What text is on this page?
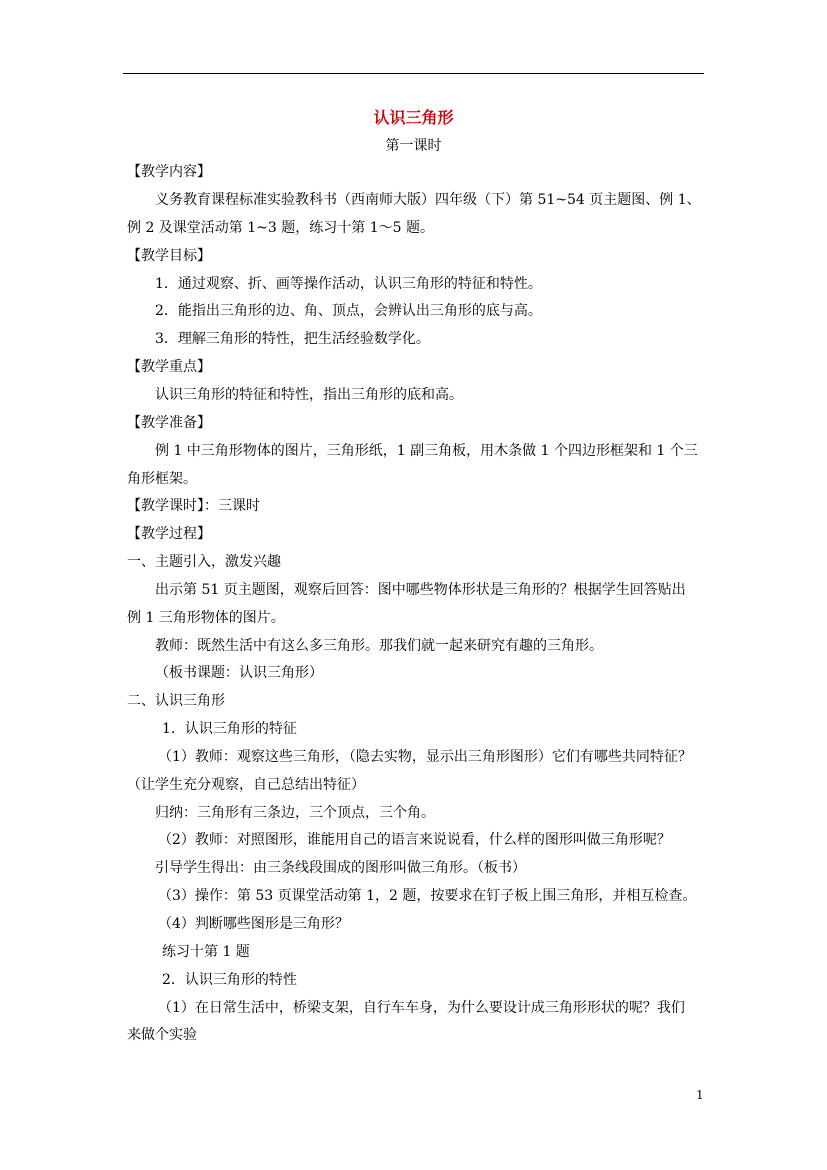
认识三角形
第一课时
【教学内容】
义务教育课程标准实验教科书（西南师大版）四年级（下）第 51~54 页主题图、例 1、
例 2 及课堂活动第 1~3 题，练习十第 1～5 题。
【教学目标】
1．通过观察、折、画等操作活动，认识三角形的特征和特性。
2．能指出三角形的边、角、顶点，会辨认出三角形的底与高。
3．理解三角形的特性，把生活经验数学化。
【教学重点】
认识三角形的特征和特性，指出三角形的底和高。
【教学准备】
例 1 中三角形物体的图片，三角形纸，1 副三角板，用木条做 1 个四边形框架和 1 个三
角形框架。
【教学课时】：三课时
【教学过程】
一、主题引入，激发兴趣
出示第 51 页主题图，观察后回答：图中哪些物体形状是三角形的？根据学生回答贴出
例 1 三角形物体的图片。
教师：既然生活中有这么多三角形。那我们就一起来研究有趣的三角形。
（板书课题：认识三角形）
二、认识三角形
1．认识三角形的特征
（1）教师：观察这些三角形，（隐去实物，显示出三角形图形）它们有哪些共同特征？
（让学生充分观察，自己总结出特征）
归纳：三角形有三条边，三个顶点，三个角。
（2）教师：对照图形，谁能用自己的语言来说说看，什么样的图形叫做三角形呢？
引导学生得出：由三条线段围成的图形叫做三角形。（板书）
（3）操作：第 53 页课堂活动第 1，2 题，按要求在钉子板上围三角形，并相互检查。
（4）判断哪些图形是三角形？
练习十第 1 题
2．认识三角形的特性
（1）在日常生活中，桥梁支架，自行车车身，为什么要设计成三角形形状的呢？我们
来做个实验
1
